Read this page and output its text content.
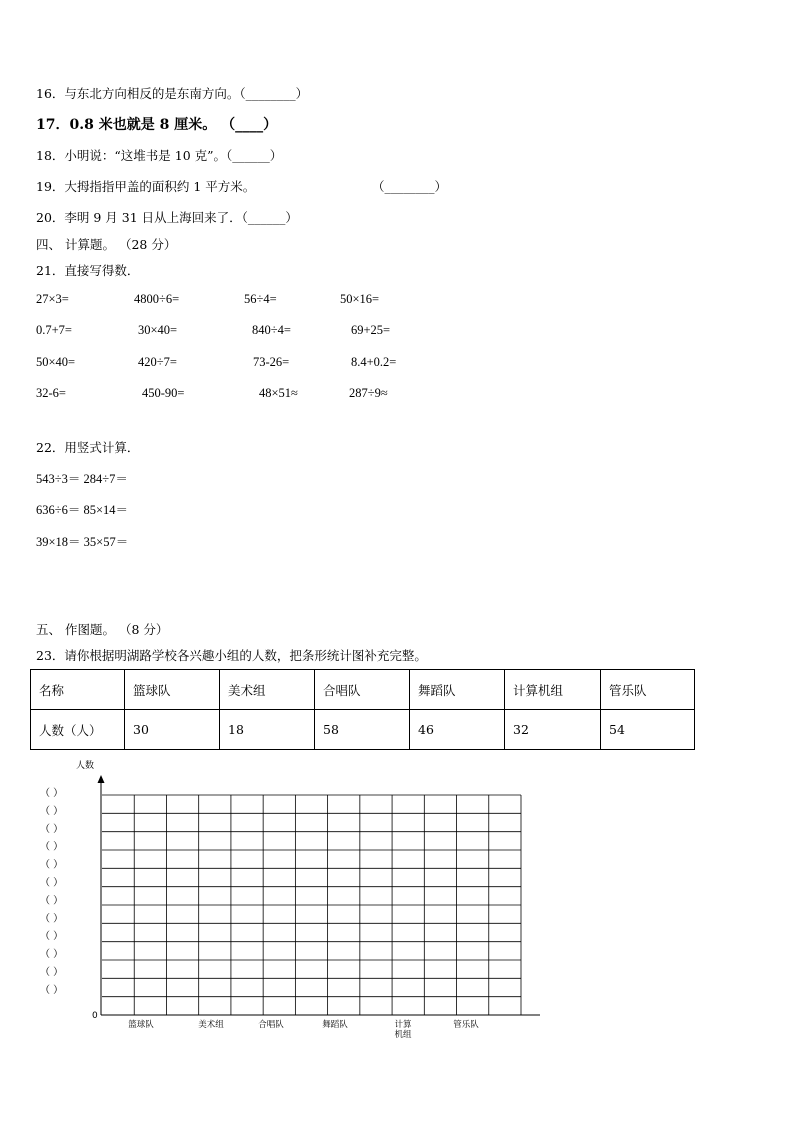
16．与东北方向相反的是东南方向。（________）
17．0.8 米也就是 8 厘米。 （____）
18．小明说：“这堆书是 10 克”。（______）
19．大拇指指甲盖的面积约 1 平方米。	（________）
20．李明 9 月 31 日从上海回来了．（______）
四、 计算题。 （28 分）
21．直接写得数．
27×3=	4800÷6=	56÷4=	50×16=
0.7+7=	30×40=	840÷4=	69+25=
50×40=	420÷7=	73-26=	8.4+0.2=
32-6=	450-90=	48×51≈	287÷9≈
22．用竖式计算．
543÷3＝ 284÷7＝
636÷6＝ 85×14＝
39×18＝ 35×57＝
五、 作图题。 （8 分）
23．请你根据明湖路学校各兴趣小组的人数，把条形统计图补充完整。
名称	篮球队	美术组	合唱队	舞蹈队	计算机组	管乐队
人数（人）	30	18	58	46	32	54
人数
0
（ ）
（ ）
（ ）
（ ）
（ ）
（ ）
（ ）
（ ）
（ ）
（ ）
（ ）
（ ）
篮球队	美术组	合唱队	舞蹈队	计算
机组
管乐队
